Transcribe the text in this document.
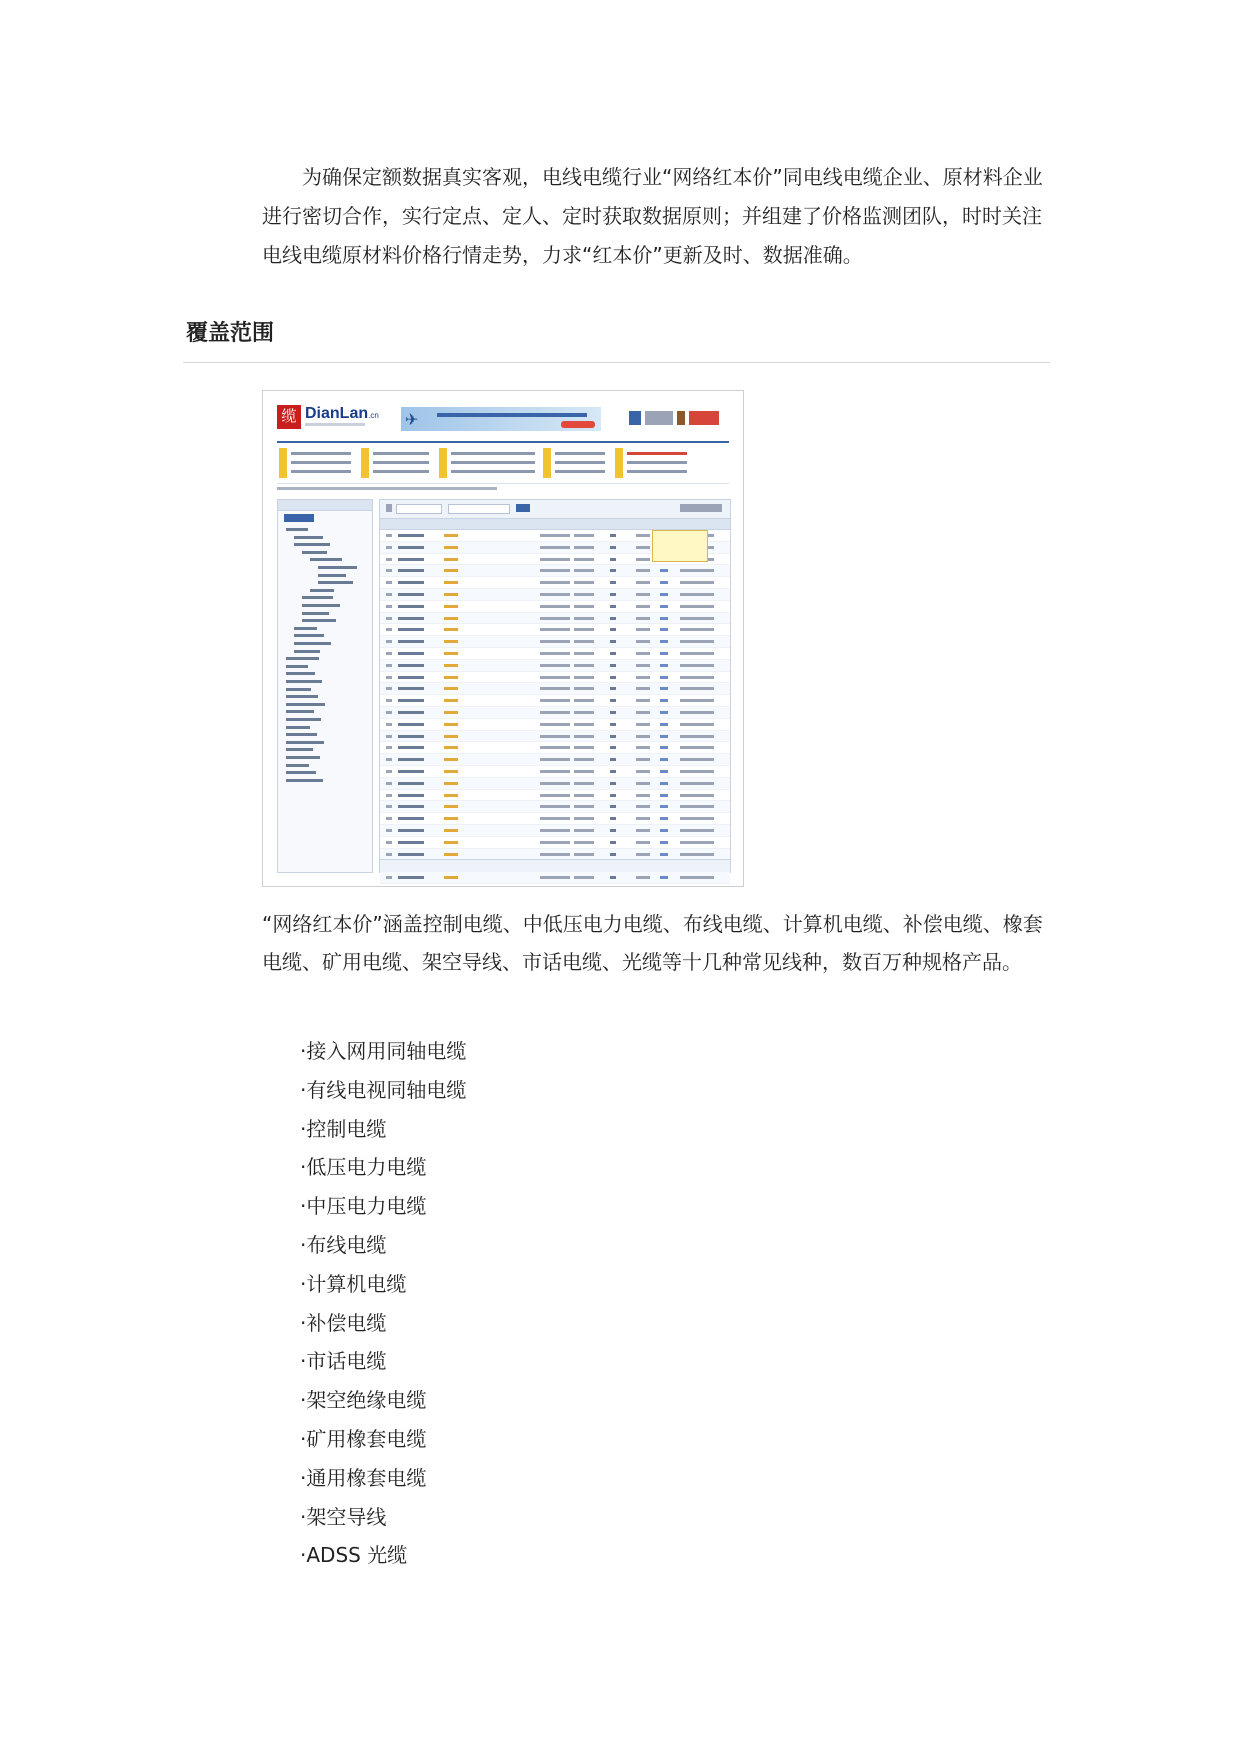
为确保定额数据真实客观，电线电缆行业“网络红本价”同电线电缆企业、原材料企业进行密切合作，实行定点、定人、定时获取数据原则；并组建了价格监测团队，时时关注电线电缆原材料价格行情走势，力求“红本价”更新及时、数据准确。

覆盖范围
缆 DianLan.cn ✈

“网络红本价”涵盖控制电缆、中低压电力电缆、布线电缆、计算机电缆、补偿电缆、橡套电缆、矿用电缆、架空导线、市话电缆、光缆等十几种常见线种，数百万种规格产品。

·接入网用同轴电缆
·有线电视同轴电缆
·控制电缆
·低压电力电缆
·中压电力电缆
·布线电缆
·计算机电缆
·补偿电缆
·市话电缆
·架空绝缘电缆
·矿用橡套电缆
·通用橡套电缆
·架空导线
·ADSS 光缆
